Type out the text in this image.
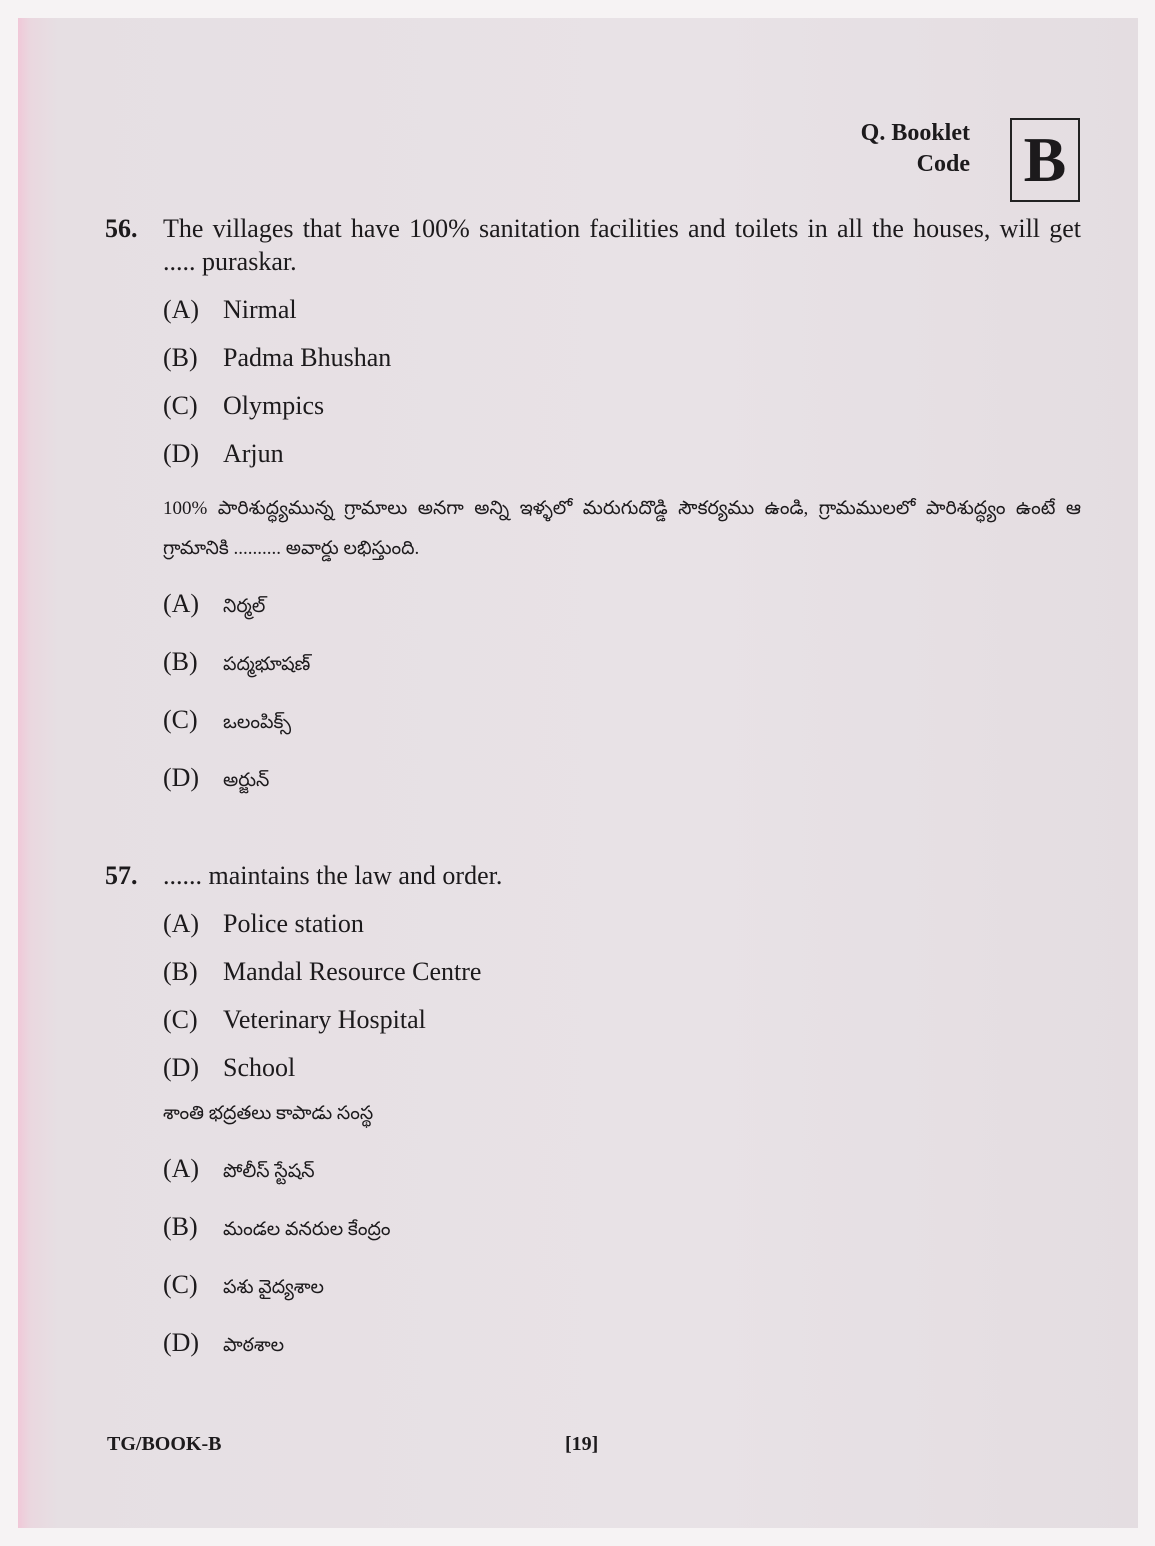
Q. Booklet
Code B
56. The villages that have 100% sanitation facilities and toilets in all the houses, will get ..... puraskar.
(A) Nirmal
(B) Padma Bhushan
(C) Olympics
(D) Arjun
100% పారిశుద్ధ్యమున్న గ్రామాలు అనగా అన్ని ఇళ్ళలో మరుగుదొడ్డి సౌకర్యము ఉండి, గ్రామములలో పారిశుద్ధ్యం ఉంటే ఆ గ్రామానికి .......... అవార్డు లభిస్తుంది.
(A) నిర్మల్
(B) పద్మభూషణ్
(C) ఒలంపిక్స్
(D) అర్జున్
57. ...... maintains the law and order.
(A) Police station
(B) Mandal Resource Centre
(C) Veterinary Hospital
(D) School
శాంతి భద్రతలు కాపాడు సంస్థ
(A) పోలీస్ స్టేషన్
(B) మండల వనరుల కేంద్రం
(C) పశు వైద్యశాల
(D) పాఠశాల
TG/BOOK-B	[19]
